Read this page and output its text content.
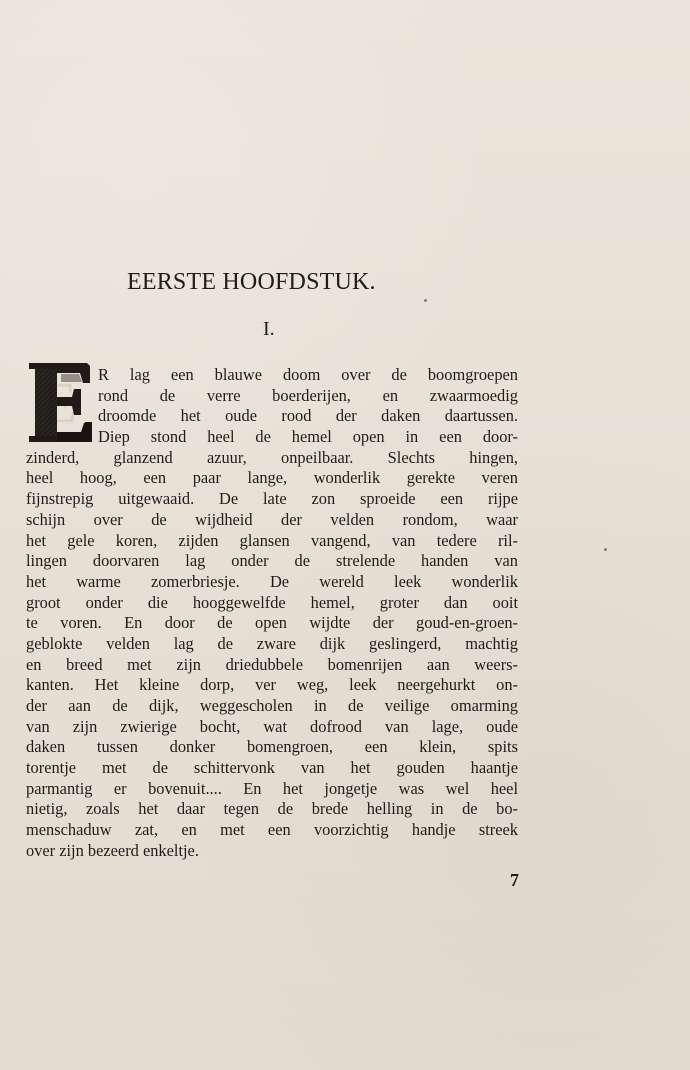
EERSTE HOOFDSTUK.
I.
E	R lag een blauwe doom over de boomgroepen
rond de verre boerderijen, en zwaarmoedig
droomde het oude rood der daken daartussen.
Diep stond heel de hemel open in een door-
zinderd, glanzend azuur, onpeilbaar. Slechts hingen,
heel hoog, een paar lange, wonderlik gerekte veren
fijnstrepig uitgewaaid. De late zon sproeide een rijpe
schijn over de wijdheid der velden rondom, waar
het gele koren, zijden glansen vangend, van tedere ril-
lingen doorvaren lag onder de strelende handen van
het warme zomerbriesje. De wereld leek wonderlik
groot onder die hooggewelfde hemel, groter dan ooit
te voren. En door de open wijdte der goud-en-groen-
geblokte velden lag de zware dijk geslingerd, machtig
en breed met zijn driedubbele bomenrijen aan weers-
kanten. Het kleine dorp, ver weg, leek neergehurkt on-
der aan de dijk, weggescholen in de veilige omarming
van zijn zwierige bocht, wat dofrood van lage, oude
daken tussen donker bomengroen, een klein, spits
torentje met de schittervonk van het gouden haantje
parmantig er bovenuit.... En het jongetje was wel heel
nietig, zoals het daar tegen de brede helling in de bo-
menschaduw zat, en met een voorzichtig handje streek
over zijn bezeerd enkeltje.
7
